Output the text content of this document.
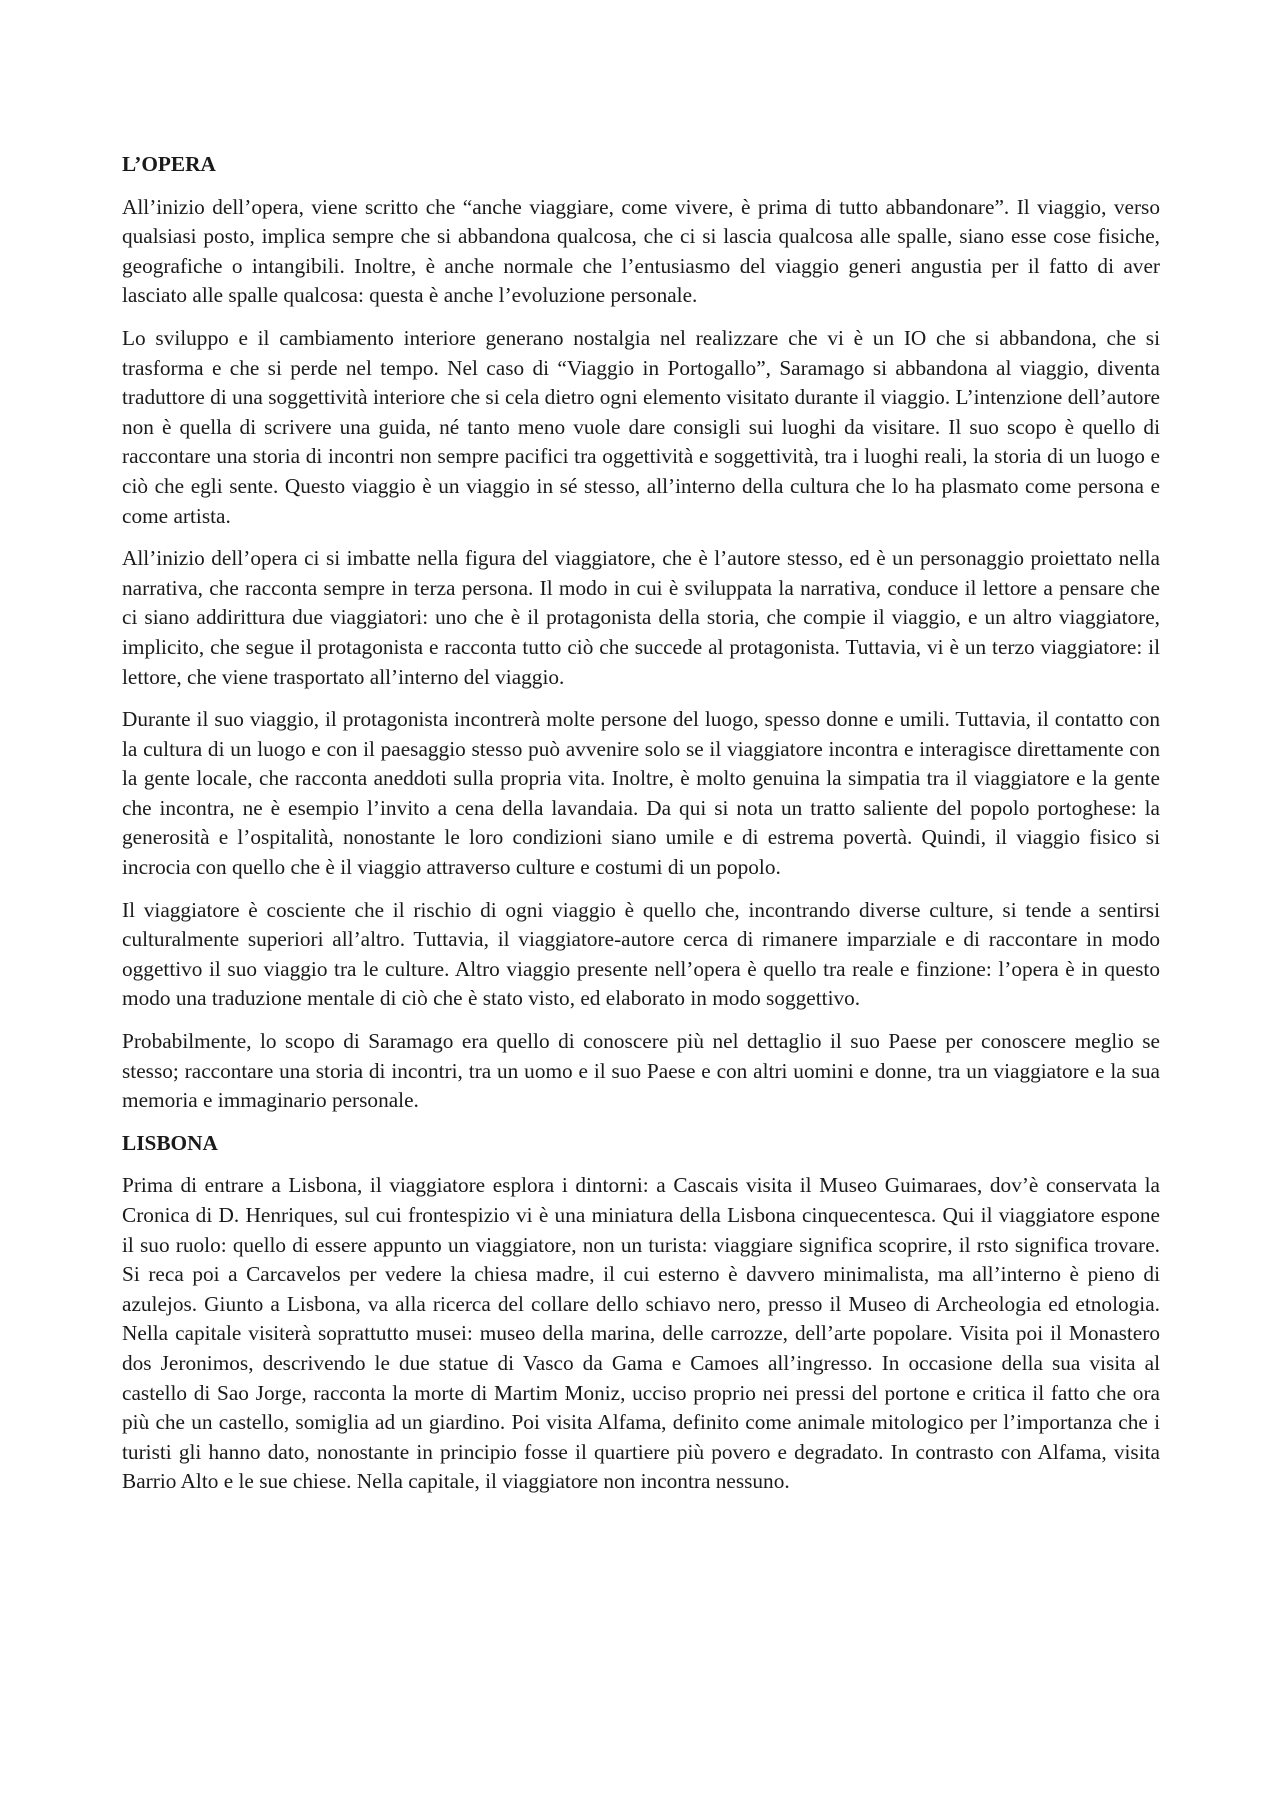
L’OPERA

All’inizio dell’opera, viene scritto che “anche viaggiare, come vivere, è prima di tutto abbandonare”. Il viaggio, verso qualsiasi posto, implica sempre che si abbandona qualcosa, che ci si lascia qualcosa alle spalle, siano esse cose fisiche, geografiche o intangibili. Inoltre, è anche normale che l’entusiasmo del viaggio generi angustia per il fatto di aver lasciato alle spalle qualcosa: questa è anche l’evoluzione personale.

Lo sviluppo e il cambiamento interiore generano nostalgia nel realizzare che vi è un IO che si abbandona, che si trasforma e che si perde nel tempo. Nel caso di “Viaggio in Portogallo”, Saramago si abbandona al viaggio, diventa traduttore di una soggettività interiore che si cela dietro ogni elemento visitato durante il viaggio. L’intenzione dell’autore non è quella di scrivere una guida, né tanto meno vuole dare consigli sui luoghi da visitare. Il suo scopo è quello di raccontare una storia di incontri non sempre pacifici tra oggettività e soggettività, tra i luoghi reali, la storia di un luogo e ciò che egli sente. Questo viaggio è un viaggio in sé stesso, all’interno della cultura che lo ha plasmato come persona e come artista.

All’inizio dell’opera ci si imbatte nella figura del viaggiatore, che è l’autore stesso, ed è un personaggio proiettato nella narrativa, che racconta sempre in terza persona. Il modo in cui è sviluppata la narrativa, conduce il lettore a pensare che ci siano addirittura due viaggiatori: uno che è il protagonista della storia, che compie il viaggio, e un altro viaggiatore, implicito, che segue il protagonista e racconta tutto ciò che succede al protagonista. Tuttavia, vi è un terzo viaggiatore: il lettore, che viene trasportato all’interno del viaggio.

Durante il suo viaggio, il protagonista incontrerà molte persone del luogo, spesso donne e umili. Tuttavia, il contatto con la cultura di un luogo e con il paesaggio stesso può avvenire solo se il viaggiatore incontra e interagisce direttamente con la gente locale, che racconta aneddoti sulla propria vita. Inoltre, è molto genuina la simpatia tra il viaggiatore e la gente che incontra, ne è esempio l’invito a cena della lavandaia. Da qui si nota un tratto saliente del popolo portoghese: la generosità e l’ospitalità, nonostante le loro condizioni siano umile e di estrema povertà. Quindi, il viaggio fisico si incrocia con quello che è il viaggio attraverso culture e costumi di un popolo.

Il viaggiatore è cosciente che il rischio di ogni viaggio è quello che, incontrando diverse culture, si tende a sentirsi culturalmente superiori all’altro. Tuttavia, il viaggiatore-autore cerca di rimanere imparziale e di raccontare in modo oggettivo il suo viaggio tra le culture. Altro viaggio presente nell’opera è quello tra reale e finzione: l’opera è in questo modo una traduzione mentale di ciò che è stato visto, ed elaborato in modo soggettivo.

Probabilmente, lo scopo di Saramago era quello di conoscere più nel dettaglio il suo Paese per conoscere meglio se stesso; raccontare una storia di incontri, tra un uomo e il suo Paese e con altri uomini e donne, tra un viaggiatore e la sua memoria e immaginario personale.

LISBONA

Prima di entrare a Lisbona, il viaggiatore esplora i dintorni: a Cascais visita il Museo Guimaraes, dov’è conservata la Cronica di D. Henriques, sul cui frontespizio vi è una miniatura della Lisbona cinquecentesca. Qui il viaggiatore espone il suo ruolo: quello di essere appunto un viaggiatore, non un turista: viaggiare significa scoprire, il rsto significa trovare. Si reca poi a Carcavelos per vedere la chiesa madre, il cui esterno è davvero minimalista, ma all’interno è pieno di azulejos. Giunto a Lisbona, va alla ricerca del collare dello schiavo nero, presso il Museo di Archeologia ed etnologia. Nella capitale visiterà soprattutto musei: museo della marina, delle carrozze, dell’arte popolare. Visita poi il Monastero dos Jeronimos, descrivendo le due statue di Vasco da Gama e Camoes all’ingresso. In occasione della sua visita al castello di Sao Jorge, racconta la morte di Martim Moniz, ucciso proprio nei pressi del portone e critica il fatto che ora più che un castello, somiglia ad un giardino. Poi visita Alfama, definito come animale mitologico per l’importanza che i turisti gli hanno dato, nonostante in principio fosse il quartiere più povero e degradato. In contrasto con Alfama, visita Barrio Alto e le sue chiese. Nella capitale, il viaggiatore non incontra nessuno.
